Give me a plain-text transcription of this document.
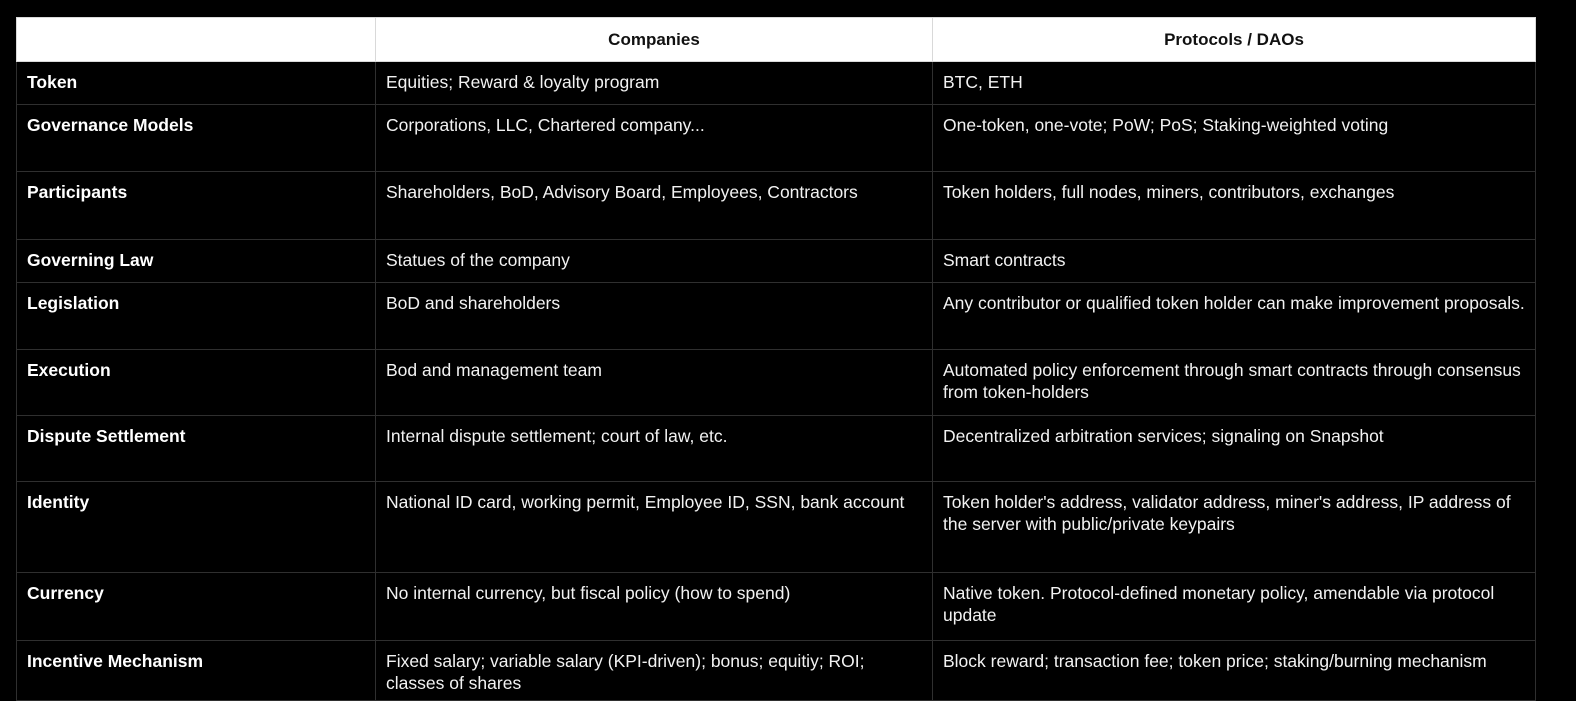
	Companies	Protocols / DAOs
Token	Equities; Reward & loyalty program	BTC, ETH
Governance Models	Corporations, LLC, Chartered company...	One-token, one-vote; PoW; PoS; Staking-weighted voting
Participants	Shareholders, BoD, Advisory Board, Employees, Contractors	Token holders, full nodes, miners, contributors, exchanges
Governing Law	Statues of the company	Smart contracts
Legislation	BoD and shareholders	Any contributor or qualified token holder can make improvement proposals.
Execution	Bod and management team	Automated policy enforcement through smart contracts through consensus from token-holders
Dispute Settlement	Internal dispute settlement; court of law, etc.	Decentralized arbitration services; signaling on Snapshot
Identity	National ID card, working permit, Employee ID, SSN, bank account	Token holder's address, validator address, miner's address, IP address of the server with public/private keypairs
Currency	No internal currency, but fiscal policy (how to spend)	Native token. Protocol-defined monetary policy, amendable via protocol update
Incentive Mechanism	Fixed salary; variable salary (KPI-driven); bonus; equitiy; ROI; classes of shares	Block reward; transaction fee; token price; staking/burning mechanism
